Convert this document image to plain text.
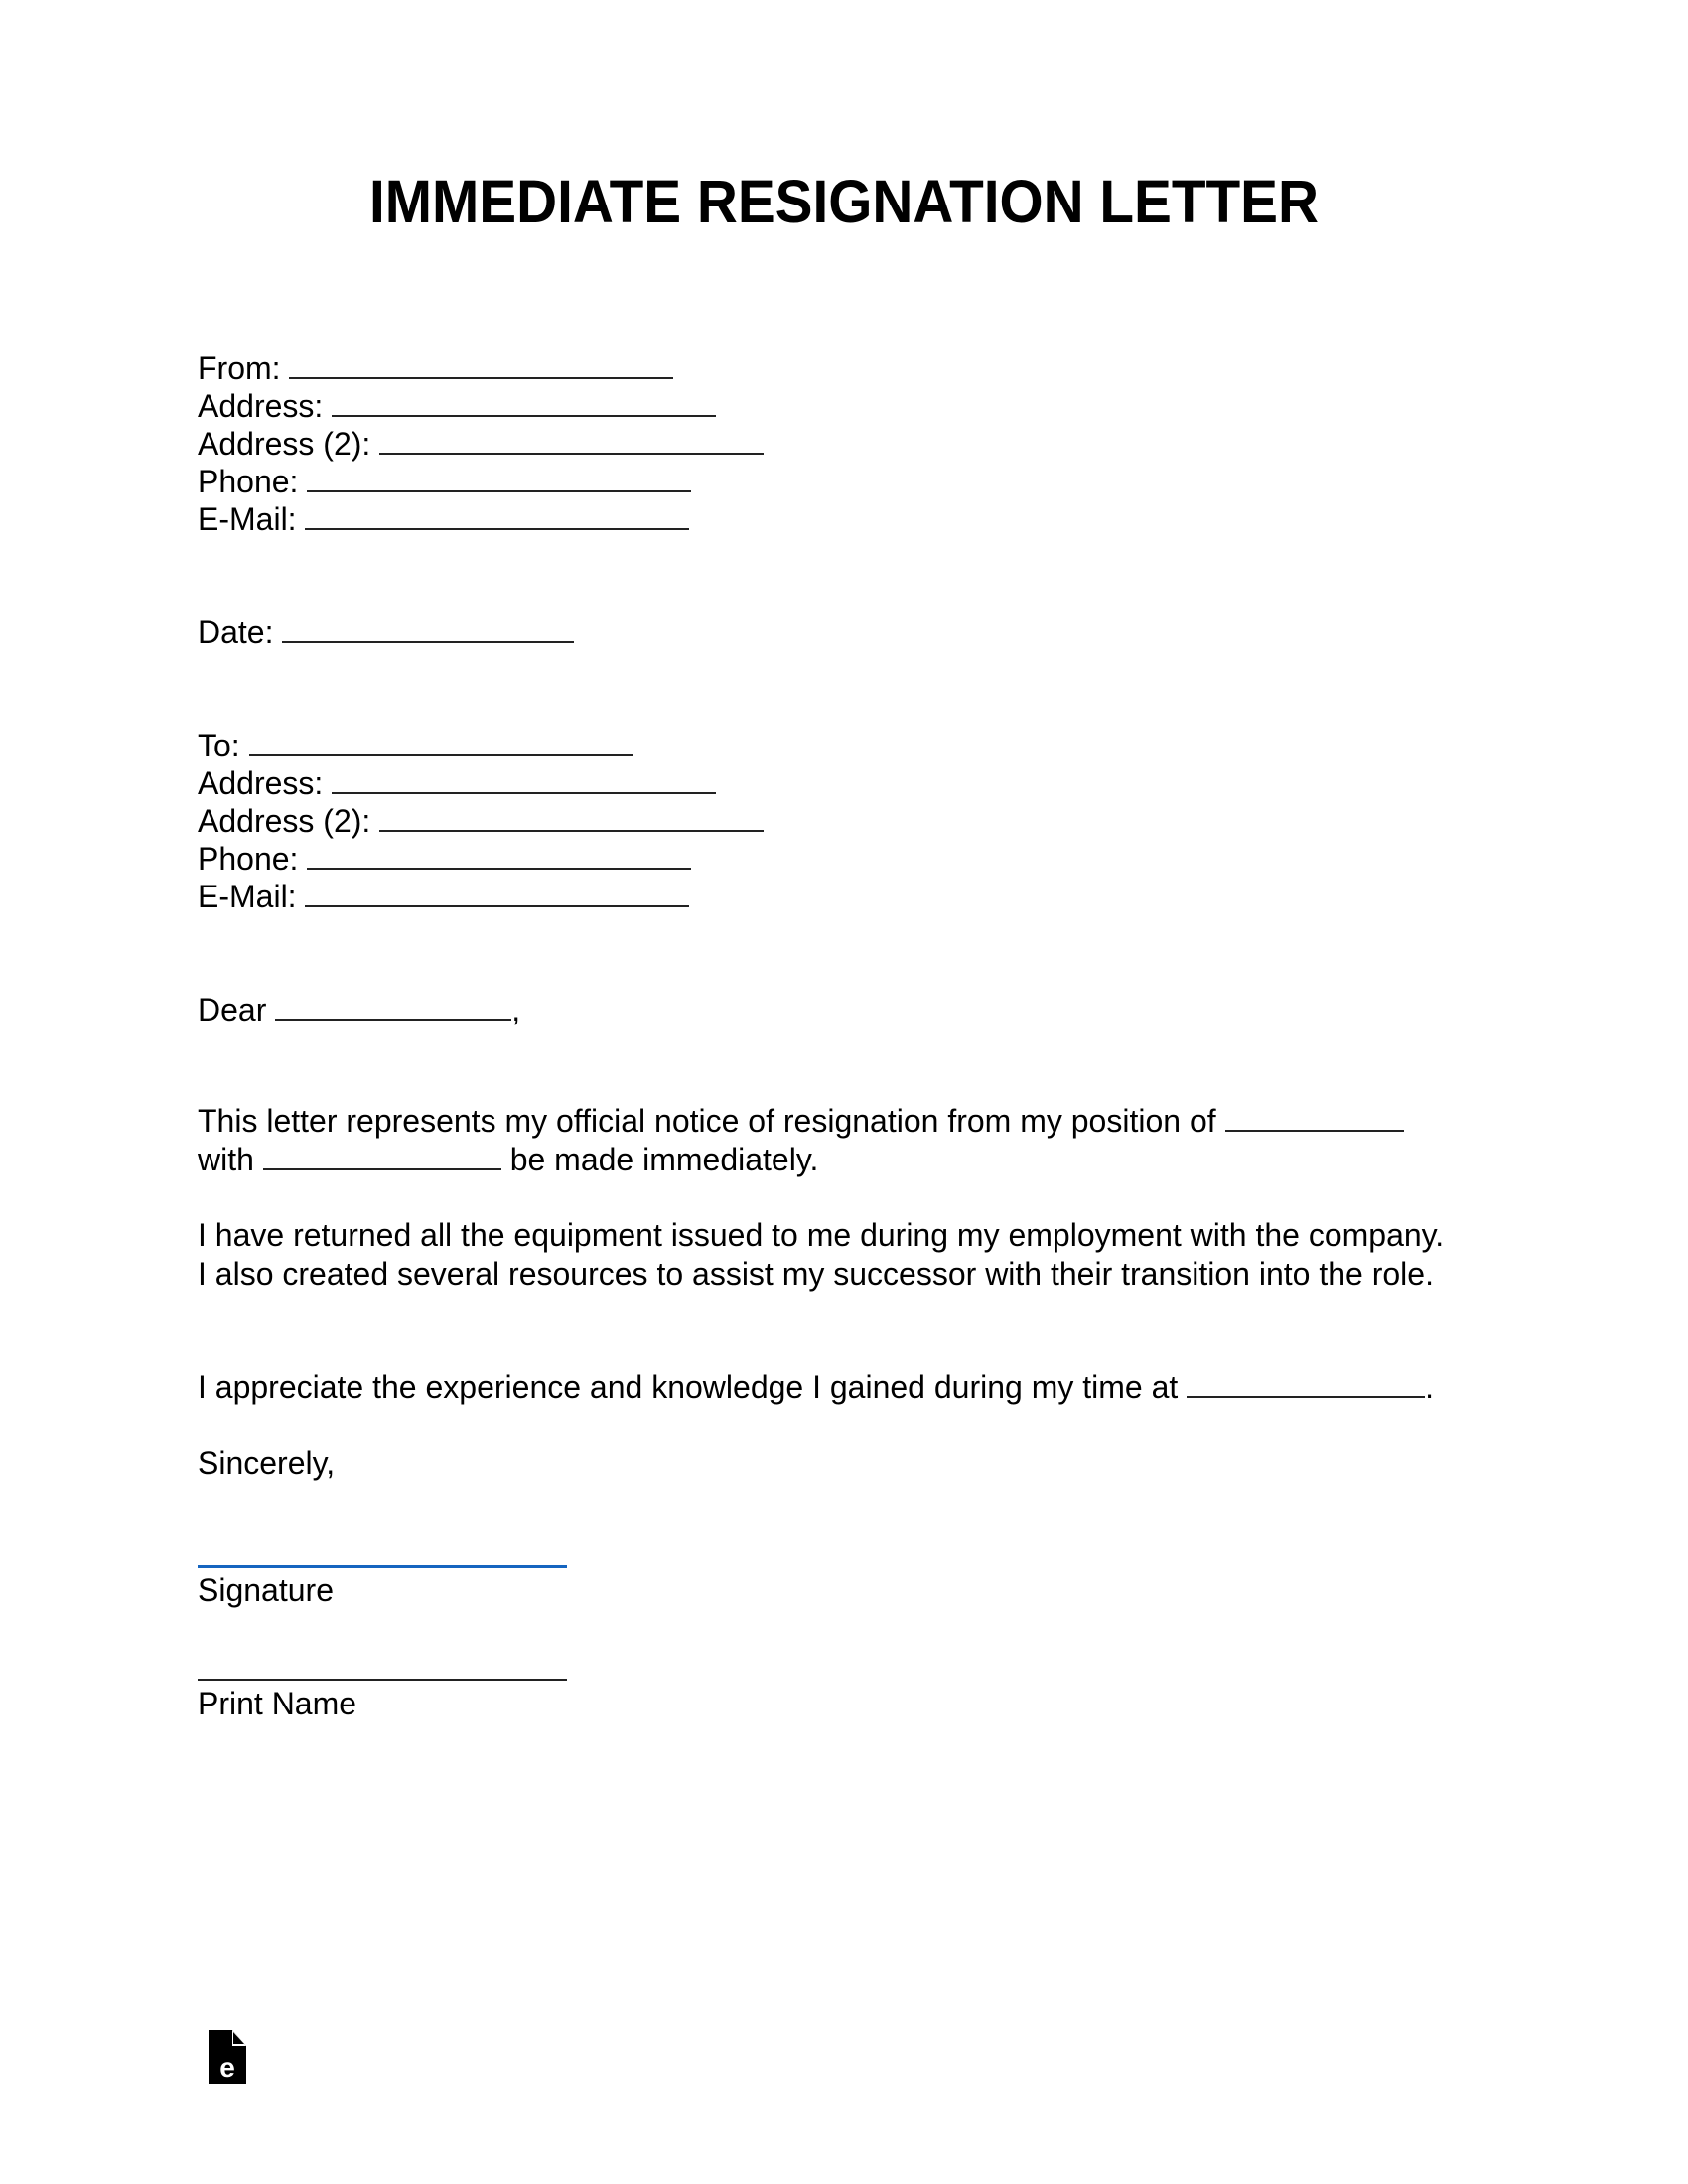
IMMEDIATE RESIGNATION LETTER
From:
Address:
Address (2):
Phone:
E-Mail:
Date:
To:
Address:
Address (2):
Phone:
E-Mail:
Dear	,

This letter represents my official notice of resignation from my position of
with	be made immediately.

I have returned all the equipment issued to me during my employment with the company. I also created several resources to assist my successor with their transition into the role.

I appreciate the experience and knowledge I gained during my time at	.

Sincerely,
Signature
Print Name
e
